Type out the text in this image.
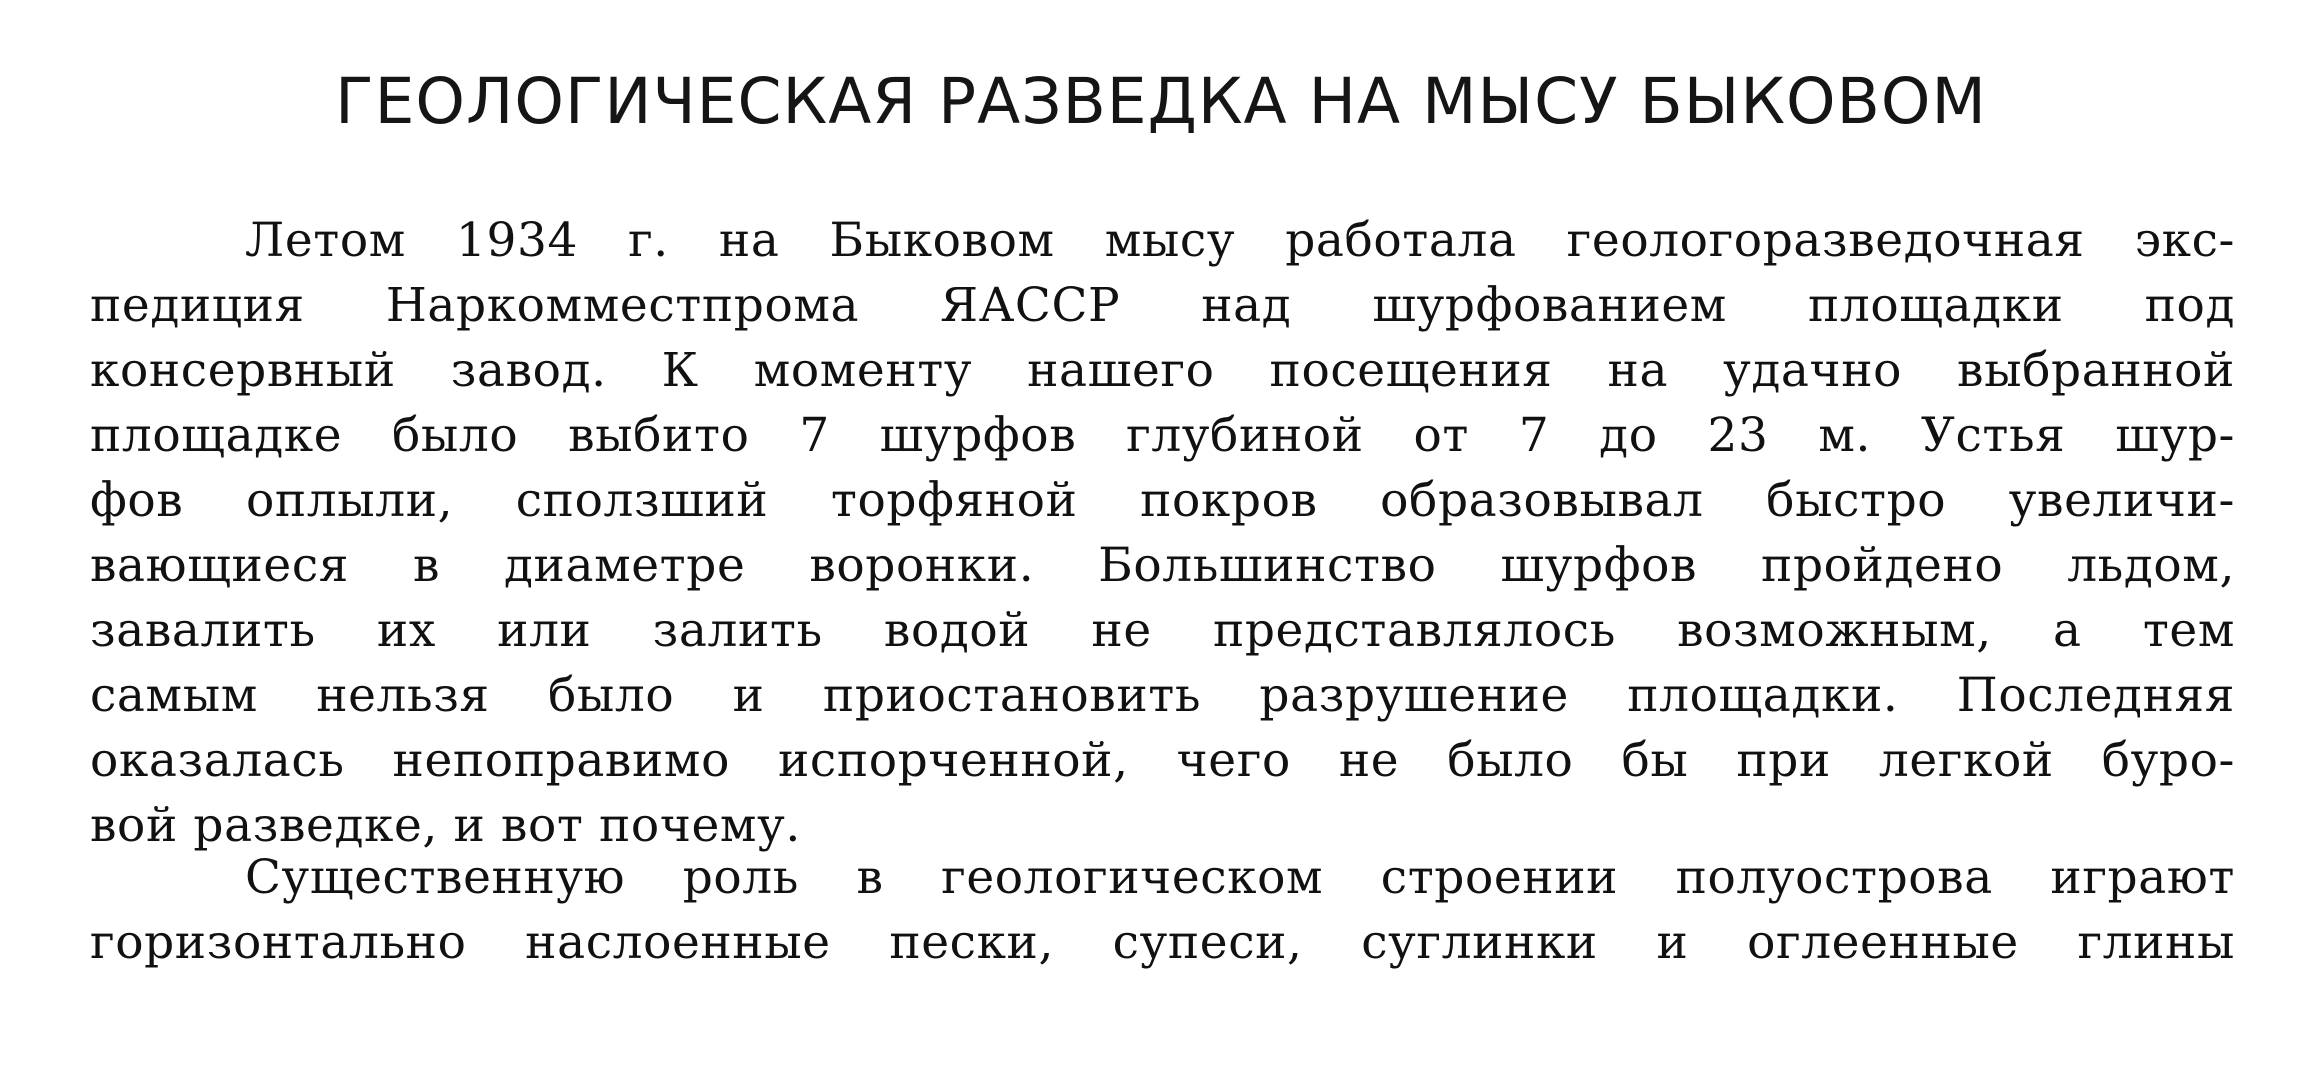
ГЕОЛОГИЧЕСКАЯ РАЗВЕДКА НА МЫСУ БЫКОВОМ
Летом 1934 г. на Быковом мысу работала геологоразведочная экс-
педиция Наркомместпрома ЯАССР над шурфованием площадки под
консервный завод. К моменту нашего посещения на удачно выбранной
площадке было выбито 7 шурфов глубиной от 7 до 23 м. Устья шур-
фов оплыли, сползший торфяной покров образовывал быстро увеличи-
вающиеся в диаметре воронки. Большинство шурфов пройдено льдом,
завалить их или залить водой не представлялось возможным, а тем
самым нельзя было и приостановить разрушение площадки. Последняя
оказалась непоправимо испорченной, чего не было бы при легкой буро-
вой разведке, и вот почему.
Существенную роль в геологическом строении полуострова играют
горизонтально наслоенные пески, супеси, суглинки и оглеенные глины
